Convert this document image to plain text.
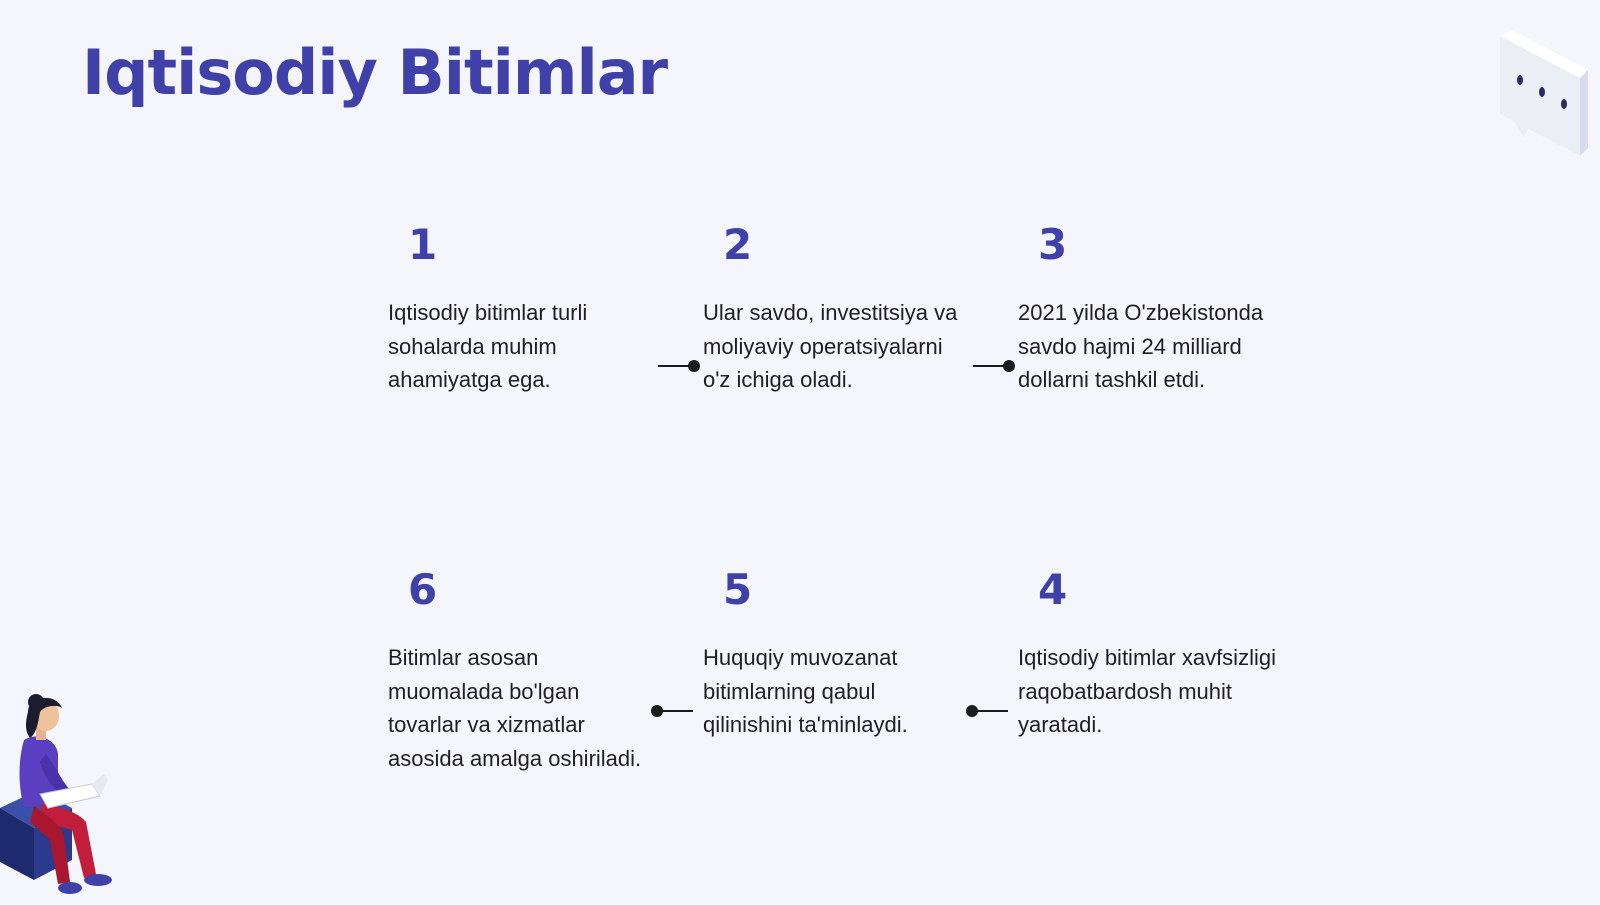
Iqtisodiy Bitimlar
1
Iqtisodiy bitimlar turli sohalarda muhim ahamiyatga ega.
2
Ular savdo, investitsiya va moliyaviy operatsiyalarni o'z ichiga oladi.
3
2021 yilda O'zbekistonda savdo hajmi 24 milliard dollarni tashkil etdi.
6
Bitimlar asosan muomalada bo'lgan tovarlar va xizmatlar asosida amalga oshiriladi.
5
Huquqiy muvozanat bitimlarning qabul qilinishini ta'minlaydi.
4
Iqtisodiy bitimlar xavfsizligi raqobatbardosh muhit yaratadi.
